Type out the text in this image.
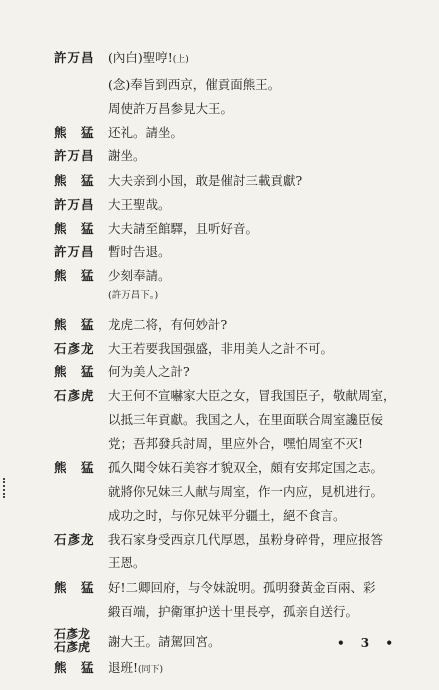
許万昌 (內白)聖哼!(上)
(念)奉旨到西京，催貢面熊王。
周使許万昌参見大王。
熊　猛 还礼。請坐。
許万昌 謝坐。
熊　猛 大夫亲到小国，敢是催討三載貢獻?
許万昌 大王聖哉。
熊　猛 大夫請至館驛，且听好音。
許万昌 暫时告退。
熊　猛 少刻奉請。
(許万昌下。)
熊　猛 龙虎二将，有何妙計?
石彥龙 大王若要我国强盛，非用美人之計不可。
熊　猛 何为美人之計?
石彥虎 大王何不宣嚇家大臣之女，冒我国臣子，敬献周室，
以抵三年貢獻。我国之人，在里面联合周室讒臣佞
党；吾邦發兵討周，里应外合，嘿怕周室不灭!
熊　猛 孤久聞令妹石美容才貌双全，頗有安邦定国之志。
就將你兄妹三人献与周室，作一内应，見机进行。
成功之时，与你兄妹平分疆土，絕不食言。
石彥龙 我石家身受西京几代厚恩，虽粉身碎骨，理应报答
王恩。
熊　猛 好!二卿回府，与令妹說明。孤明發黃金百兩、彩
緞百端，护衛軍护送十里長亭，孤亲自送行。
石彥龙
石彥虎	謝大王。請駕回宮。
熊　猛 退班!(同下)
• 3 •
